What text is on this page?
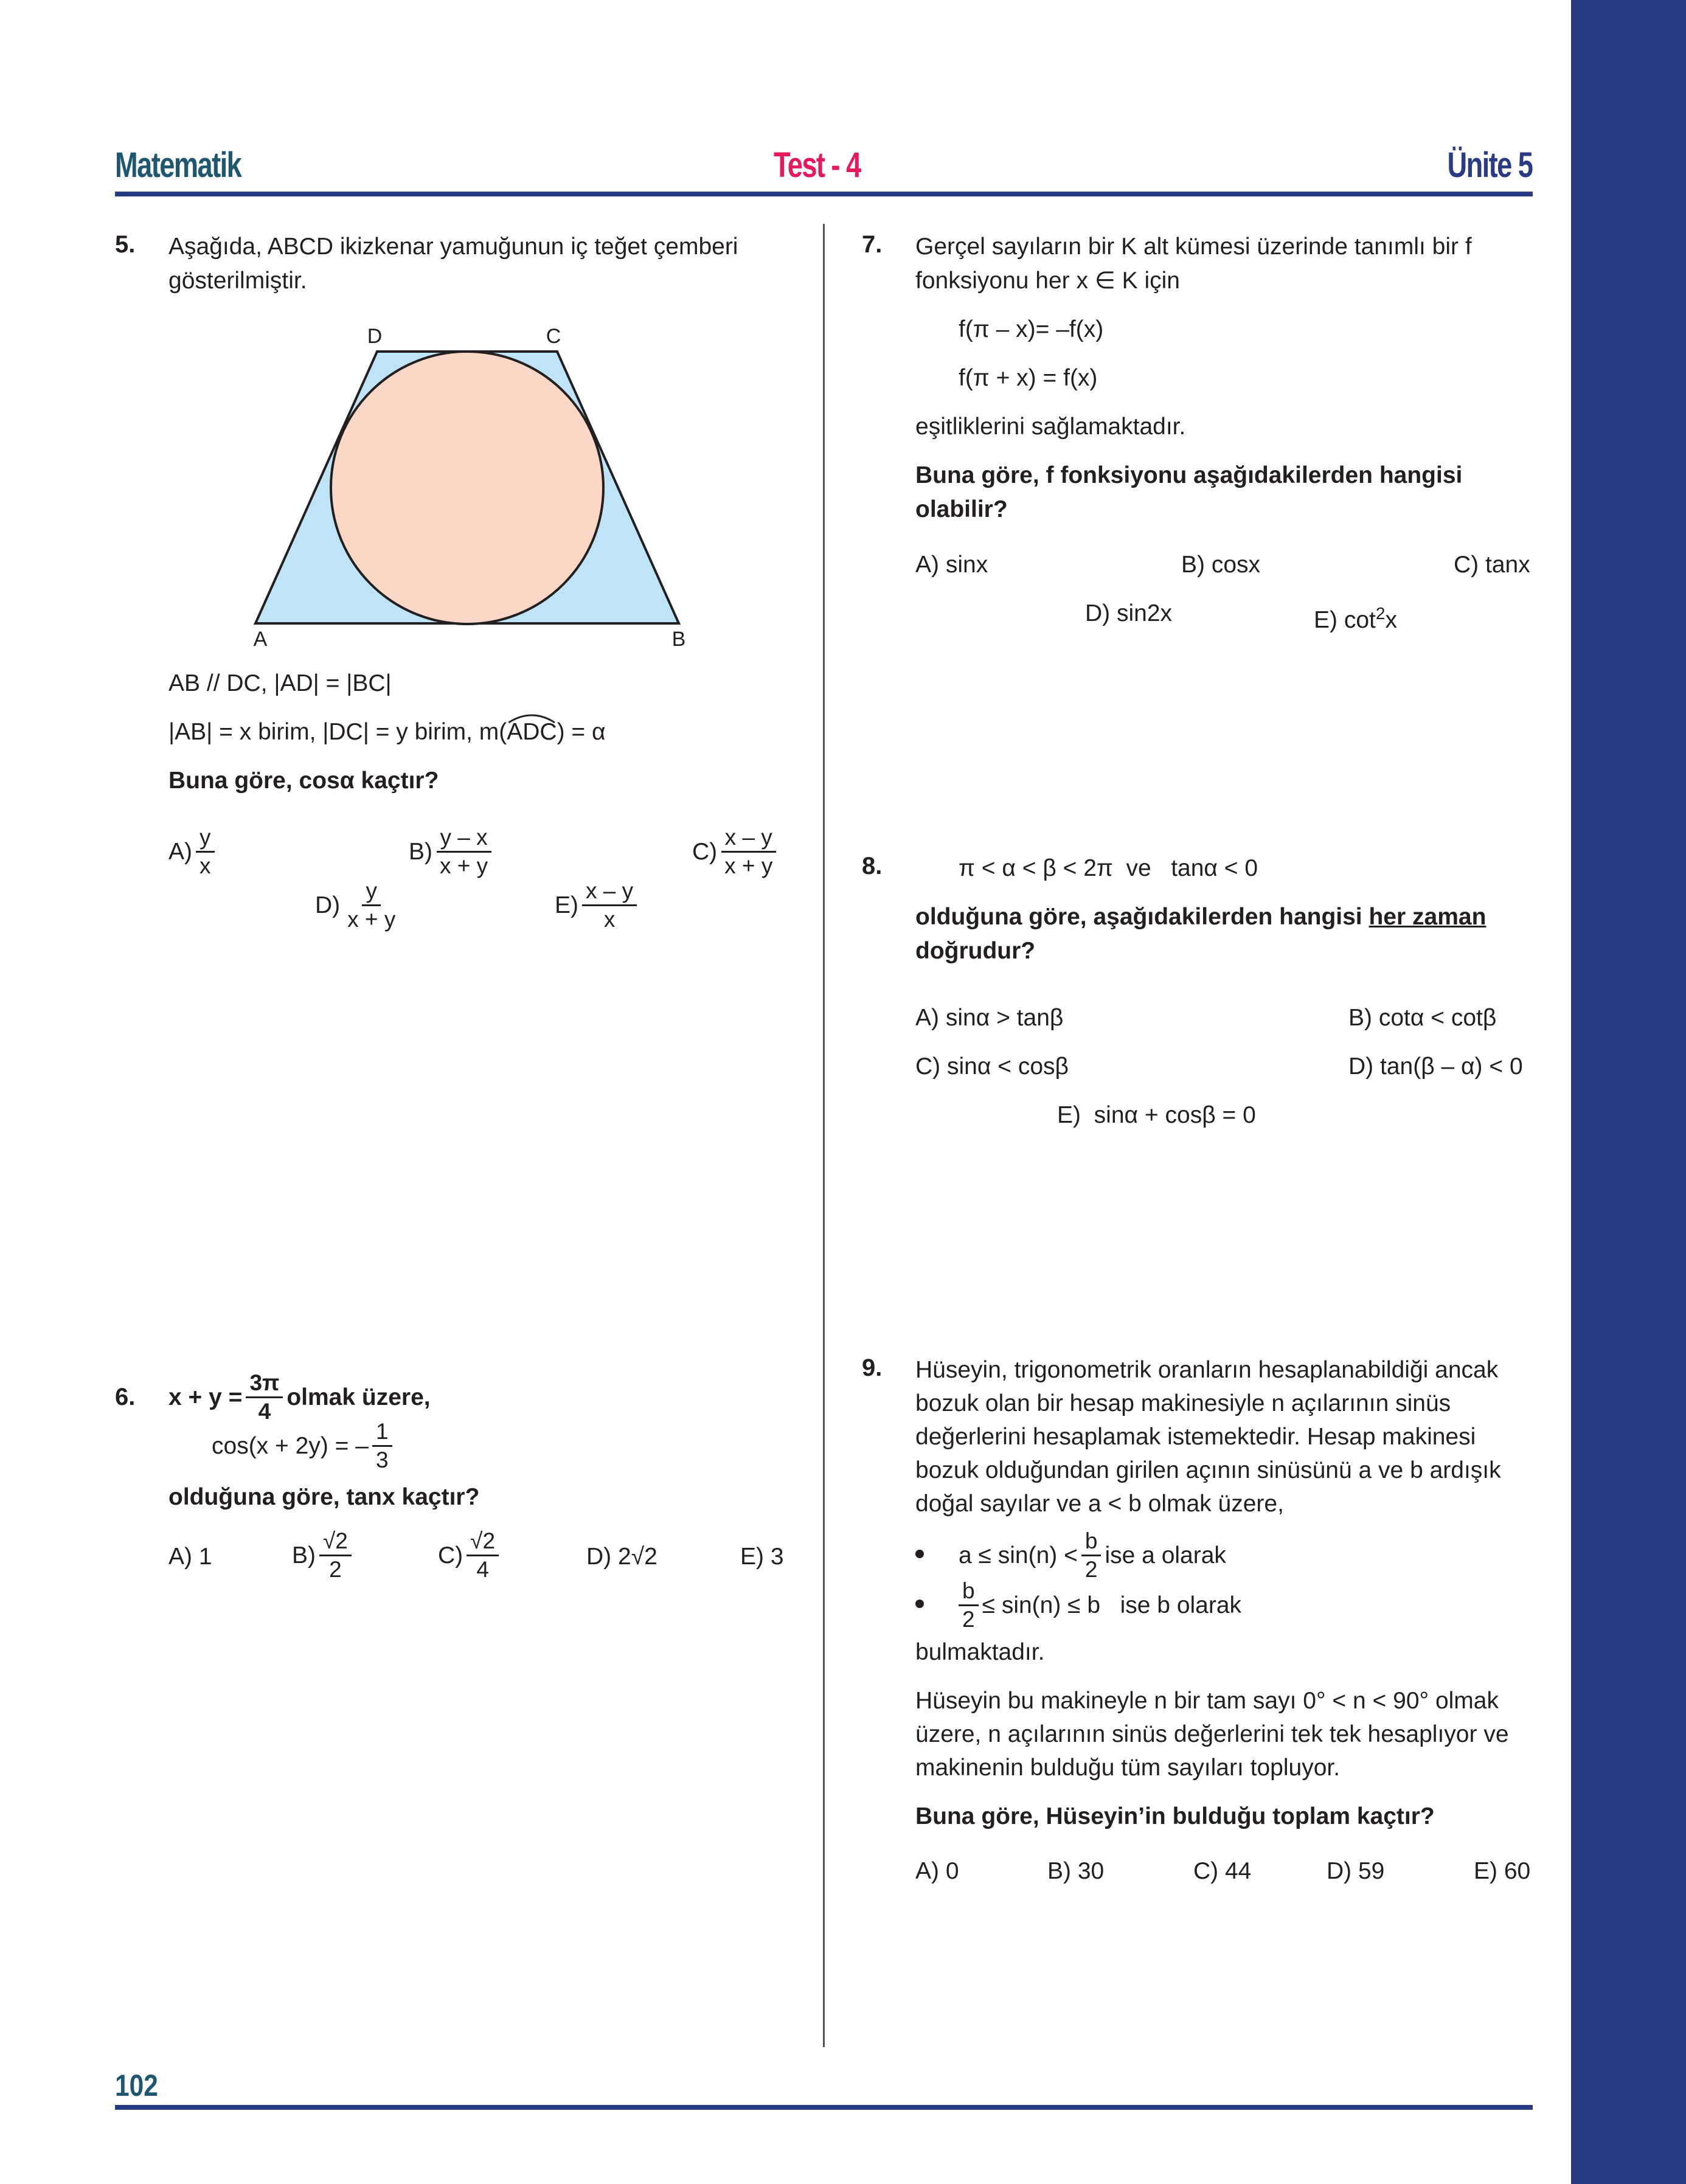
Matematik	Test - 4	Ünite 5
5. Aşağıda, ABCD ikizkenar yamuğunun iç teğet çemberi
gösterilmiştir.
D	C
A	B
AB // DC, |AD| = |BC|
|AB| = x birim, |DC| = y birim, m(
ADC) = α
Buna göre, cosα kaçtır?
$A) \frac{y}{x}$	$B) \frac{y - x}{x + y}$	$C) \frac{x - y}{x + y}$
$D) \frac{y}{x + y}$	$E) \frac{x - y}{x}$
6. $x + y = \frac{3\pi}{4}$ olmak üzere,
cos(x + 2y) = – $\frac{1}{3}$
olduğuna göre, tanx kaçtır?
A)
1	$B) \frac{√2}{2}$	$C) \frac{√2}{4}$	D)
2√2	E)
3
7. Gerçel sayıların bir K alt kümesi üzerinde tanımlı bir f
fonksiyonu her x ∈ K için
f(π – x)= –f(x)
f(π + x) = f(x)
eşitliklerini sağlamaktadır.
Buna göre, f fonksiyonu aşağıdakilerden hangisi
olabilir?
A) sinx	B) cosx	C) tanx
D) sin2x	E) $\cot^2x$
8.	π < α < β < 2π  ve   tanα < 0
olduğuna göre, aşağıdakilerden hangisi her zaman
doğrudur?
A) sinα > tanβ	B) cotα < cotβ
C) sinα < cosβ	D) tan(β – α) < 0
E)  sinα + cosβ = 0
9. Hüseyin, trigonometrik oranların hesaplanabildiği ancak
bozuk olan bir hesap makinesiyle n açılarının sinüs
değerlerini hesaplamak istemektedir. Hesap makinesi
bozuk olduğundan girilen açının sinüsünü a ve b ardışık
doğal sayılar ve a < b olmak üzere,
$a \le \sin(n) < \frac{b}{2}$ ise a olarak
$\frac{b}{2} \le \sin(n) \le b$   ise b olarak
bulmaktadır.
Hüseyin bu makineyle n bir tam sayı 0° < n < 90° olmak
üzere, n açılarının sinüs değerlerini tek tek hesaplıyor ve
makinenin bulduğu tüm sayıları topluyor.
Buna göre, Hüseyin’in bulduğu toplam kaçtır?
A) 0	B) 30	C) 44	D) 59	E) 60
102
